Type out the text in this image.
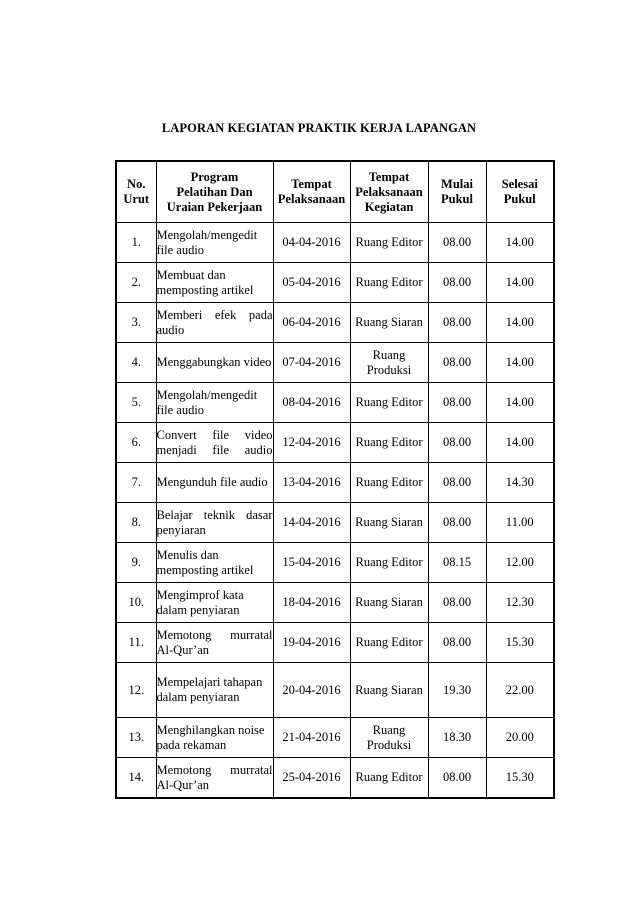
LAPORAN KEGIATAN PRAKTIK KERJA LAPANGAN
No. Urut	Program Pelatihan Dan Uraian Pekerjaan	Tempat Pelaksanaan	Tempat Pelaksanaan Kegiatan	Mulai Pukul	Selesai Pukul
1.	Mengolah/mengedit file audio	04-04-2016	Ruang Editor	08.00	14.00
2.	Membuat dan memposting artikel	05-04-2016	Ruang Editor	08.00	14.00
3.	Memberi efek pada audio	06-04-2016	Ruang Siaran	08.00	14.00
4.	Menggabungkan video	07-04-2016	Ruang Produksi	08.00	14.00
5.	Mengolah/mengedit file audio	08-04-2016	Ruang Editor	08.00	14.00
6.	Convert file video menjadi file audio	12-04-2016	Ruang Editor	08.00	14.00
7.	Mengunduh file audio	13-04-2016	Ruang Editor	08.00	14.30
8.	Belajar teknik dasar penyiaran	14-04-2016	Ruang Siaran	08.00	11.00
9.	Menulis dan memposting artikel	15-04-2016	Ruang Editor	08.15	12.00
10.	Mengimprof kata dalam penyiaran	18-04-2016	Ruang Siaran	08.00	12.30
11.	Memotong murratal Al-Qur’an	19-04-2016	Ruang Editor	08.00	15.30
12.	Mempelajari tahapan dalam penyiaran	20-04-2016	Ruang Siaran	19.30	22.00
13.	Menghilangkan noise pada rekaman	21-04-2016	Ruang Produksi	18.30	20.00
14.	Memotong murratal Al-Qur’an	25-04-2016	Ruang Editor	08.00	15.30
